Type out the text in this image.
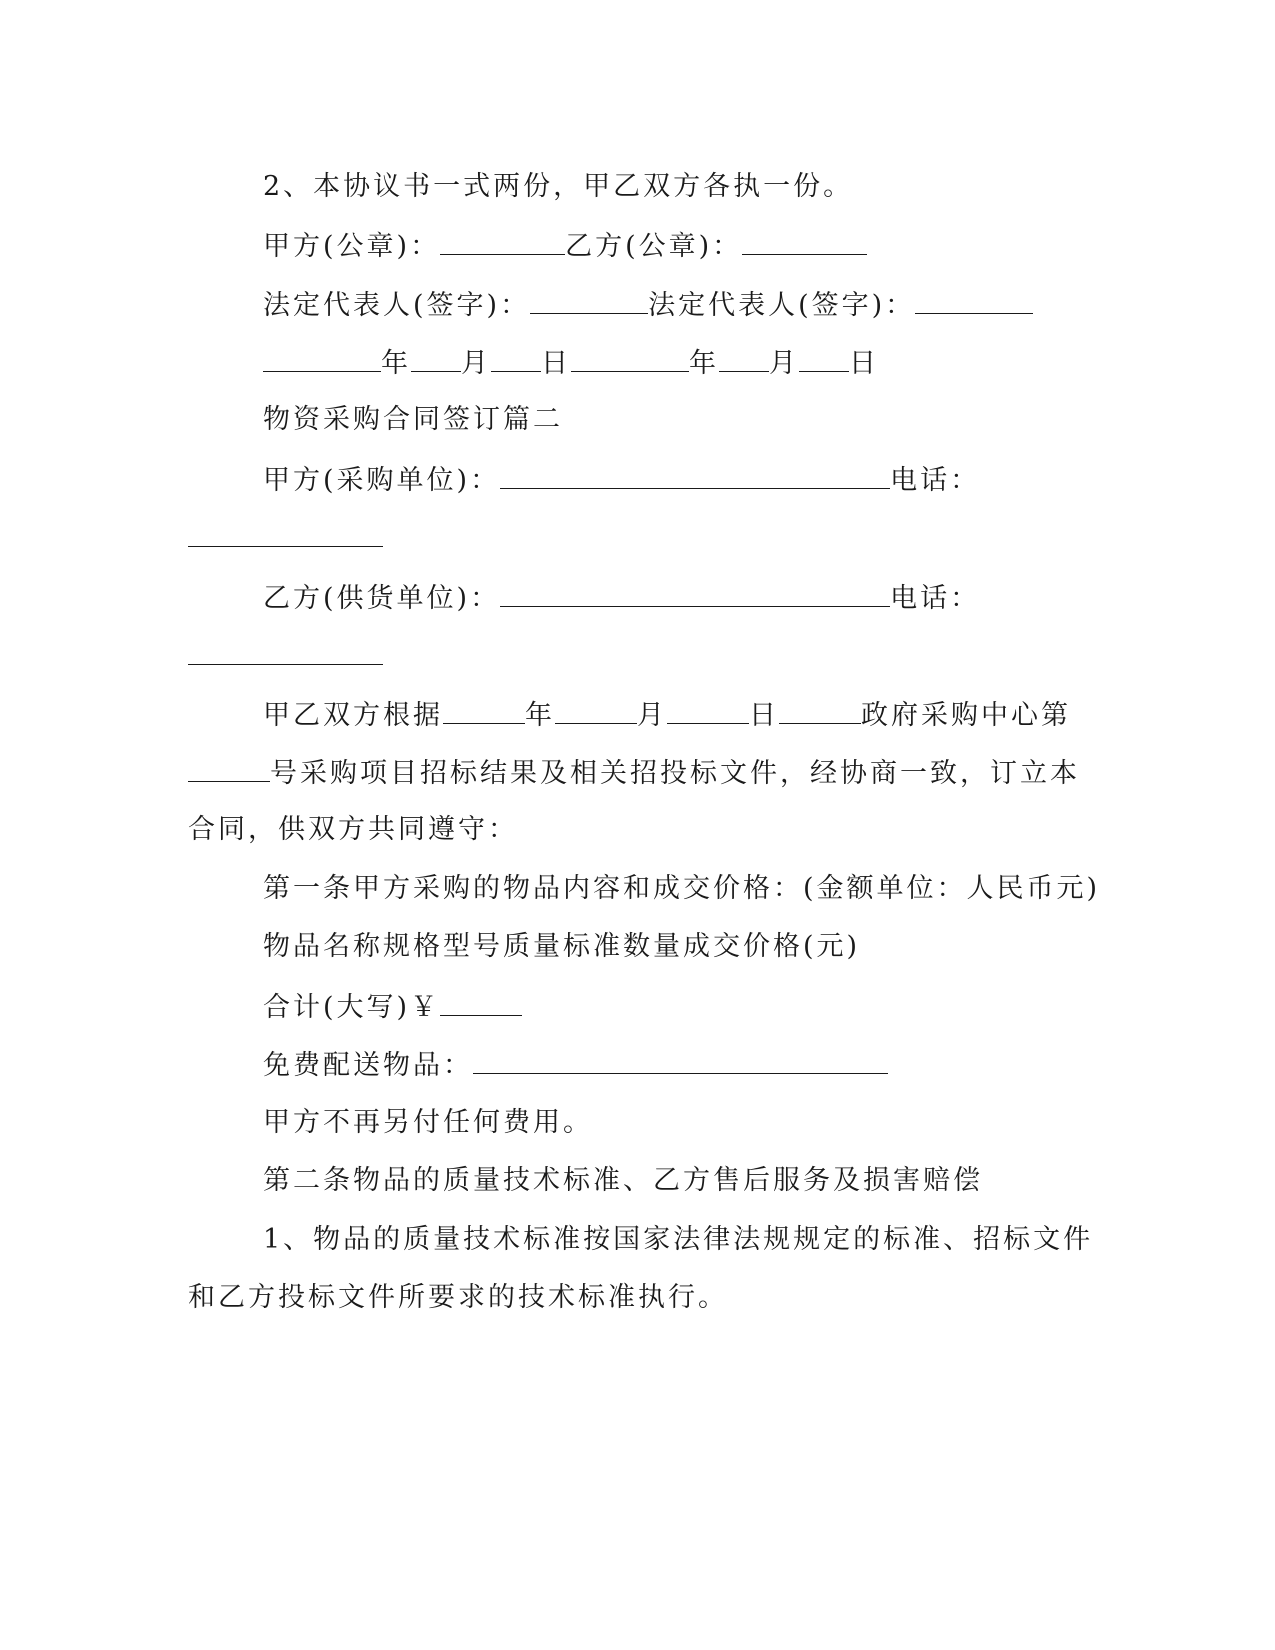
2、本协议书一式两份，甲乙双方各执一份。
甲方(公章)：	乙方(公章)：
法定代表人(签字)：	法定代表人(签字)：
年 月 日	年 月 日
物资采购合同签订篇二
甲方(采购单位)：	电话：
乙方(供货单位)：	电话：
甲乙双方根据	年	月	日	政府采购中心第
号采购项目招标结果及相关招投标文件，经协商一致，订立本
合同，供双方共同遵守：
第一条甲方采购的物品内容和成交价格：(金额单位：人民币元)
物品名称规格型号质量标准数量成交价格(元)
合计(大写)￥
免费配送物品：
甲方不再另付任何费用。
第二条物品的质量技术标准、乙方售后服务及损害赔偿
1、物品的质量技术标准按国家法律法规规定的标准、招标文件
和乙方投标文件所要求的技术标准执行。
